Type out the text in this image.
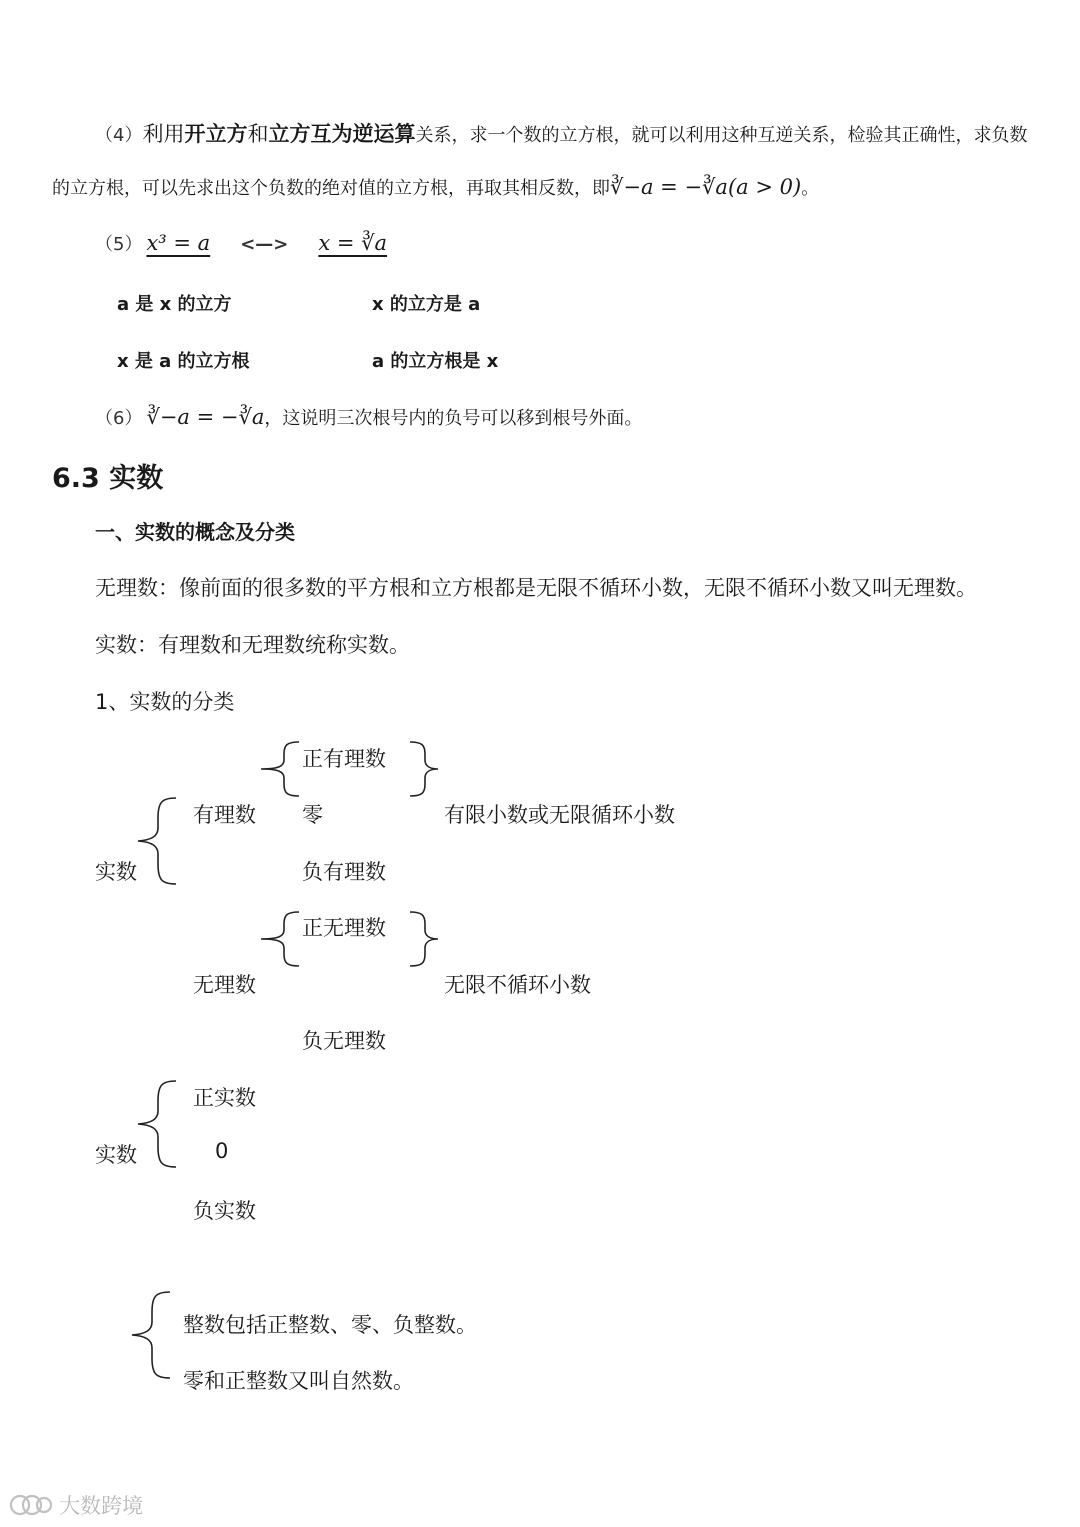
（4）利用开立方和立方互为逆运算关系，求一个数的立方根，就可以利用这种互逆关系，检验其正确性，求负数
的立方根，可以先求出这个负数的绝对值的立方根，再取其相反数，即∛−a = −∛a(a > 0)。
（5） x³ = a <—> x = ∛a
a 是 x 的立方	x 的立方是 a
x 是 a 的立方根	a 的立方根是 x
（6） ∛−a = −∛a，这说明三次根号内的负号可以移到根号外面。
6.3 实数
一、实数的概念及分类
无理数：像前面的很多数的平方根和立方根都是无限不循环小数，无限不循环小数又叫无理数。
实数：有理数和无理数统称实数。
1、实数的分类
实数
有理数
正有理数
零	有限小数或无限循环小数
负有理数
正无理数
无理数	无限不循环小数
负无理数
实数
正实数
0
负实数
整数包括正整数、零、负整数。
零和正整数又叫自然数。
大数跨境
